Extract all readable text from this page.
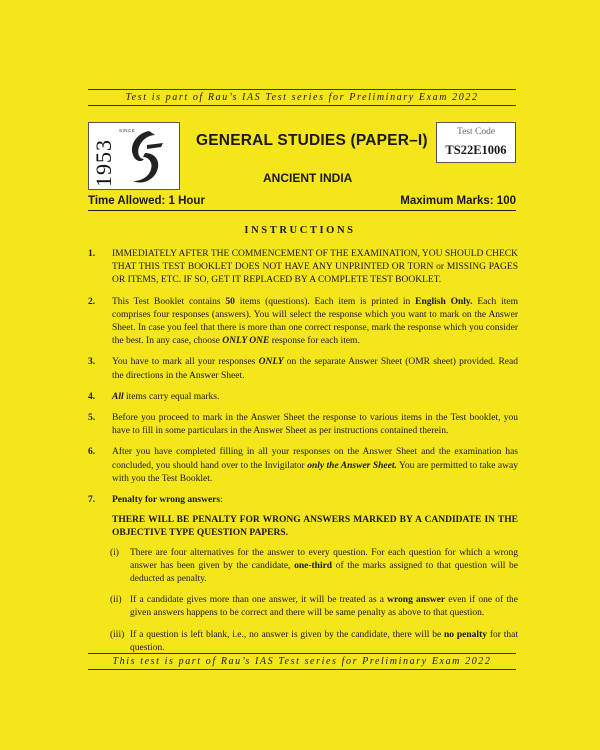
Test is part of Rau’s IAS Test series for Preliminary Exam 2022
SINCE
1953	GENERAL STUDIES (PAPER–I)
ANCIENT INDIA
Test Code
TS22E1006
Time Allowed: 1 Hour	Maximum Marks: 100
INSTRUCTIONS
1. IMMEDIATELY AFTER THE COMMENCEMENT OF THE EXAMINATION, YOU SHOULD CHECK THAT THIS TEST BOOKLET DOES NOT HAVE ANY UNPRINTED OR TORN or MISSING PAGES OR ITEMS, ETC. IF SO, GET IT REPLACED BY A COMPLETE TEST BOOKLET.
2. This Test Booklet contains 50 items (questions). Each item is printed in English Only. Each item comprises four responses (answers). You will select the response which you want to mark on the Answer Sheet. In case you feel that there is more than one correct response, mark the response which you consider the best. In any case, choose ONLY ONE response for each item.
3. You have to mark all your responses ONLY on the separate Answer Sheet (OMR sheet) provided. Read the directions in the Answer Sheet.
4. All items carry equal marks.
5. Before you proceed to mark in the Answer Sheet the response to various items in the Test booklet, you have to fill in some particulars in the Answer Sheet as per instructions contained therein.
6. After you have completed filling in all your responses on the Answer Sheet and the examination has concluded, you should hand over to the Invigilator only the Answer Sheet. You are permitted to take away with you the Test Booklet.
7. Penalty for wrong answers:
THERE WILL BE PENALTY FOR WRONG ANSWERS MARKED BY A CANDIDATE IN THE OBJECTIVE TYPE QUESTION PAPERS.
(i) There are four alternatives for the answer to every question. For each question for which a wrong answer has been given by the candidate, one-third of the marks assigned to that question will be deducted as penalty.
(ii) If a candidate gives more than one answer, it will be treated as a wrong answer even if one of the given answers happens to be correct and there will be same penalty as above to that question.
(iii) If a question is left blank, i.e., no answer is given by the candidate, there will be no penalty for that question.
This test is part of Rau’s IAS Test series for Preliminary Exam 2022
